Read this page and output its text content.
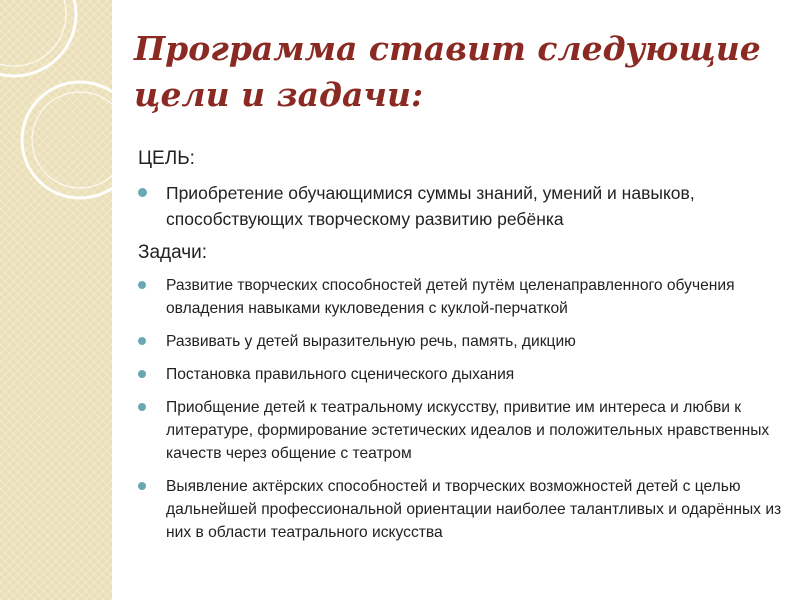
Программа ставит следующие цели и задачи:
ЦЕЛЬ:
Приобретение обучающимися суммы знаний, умений и навыков, способствующих творческому развитию ребёнка
Задачи:
Развитие творческих способностей детей путём целенаправленного обучения овладения навыками кукловедения с куклой-перчаткой
Развивать у детей выразительную речь, память, дикцию
Постановка правильного сценического дыхания
Приобщение детей к театральному искусству, привитие им интереса и любви к литературе, формирование эстетических идеалов и положительных нравственных качеств через общение с театром
Выявление актёрских способностей и творческих возможностей детей с целью дальнейшей профессиональной ориентации наиболее талантливых и одарённых из них в области театрального искусства
